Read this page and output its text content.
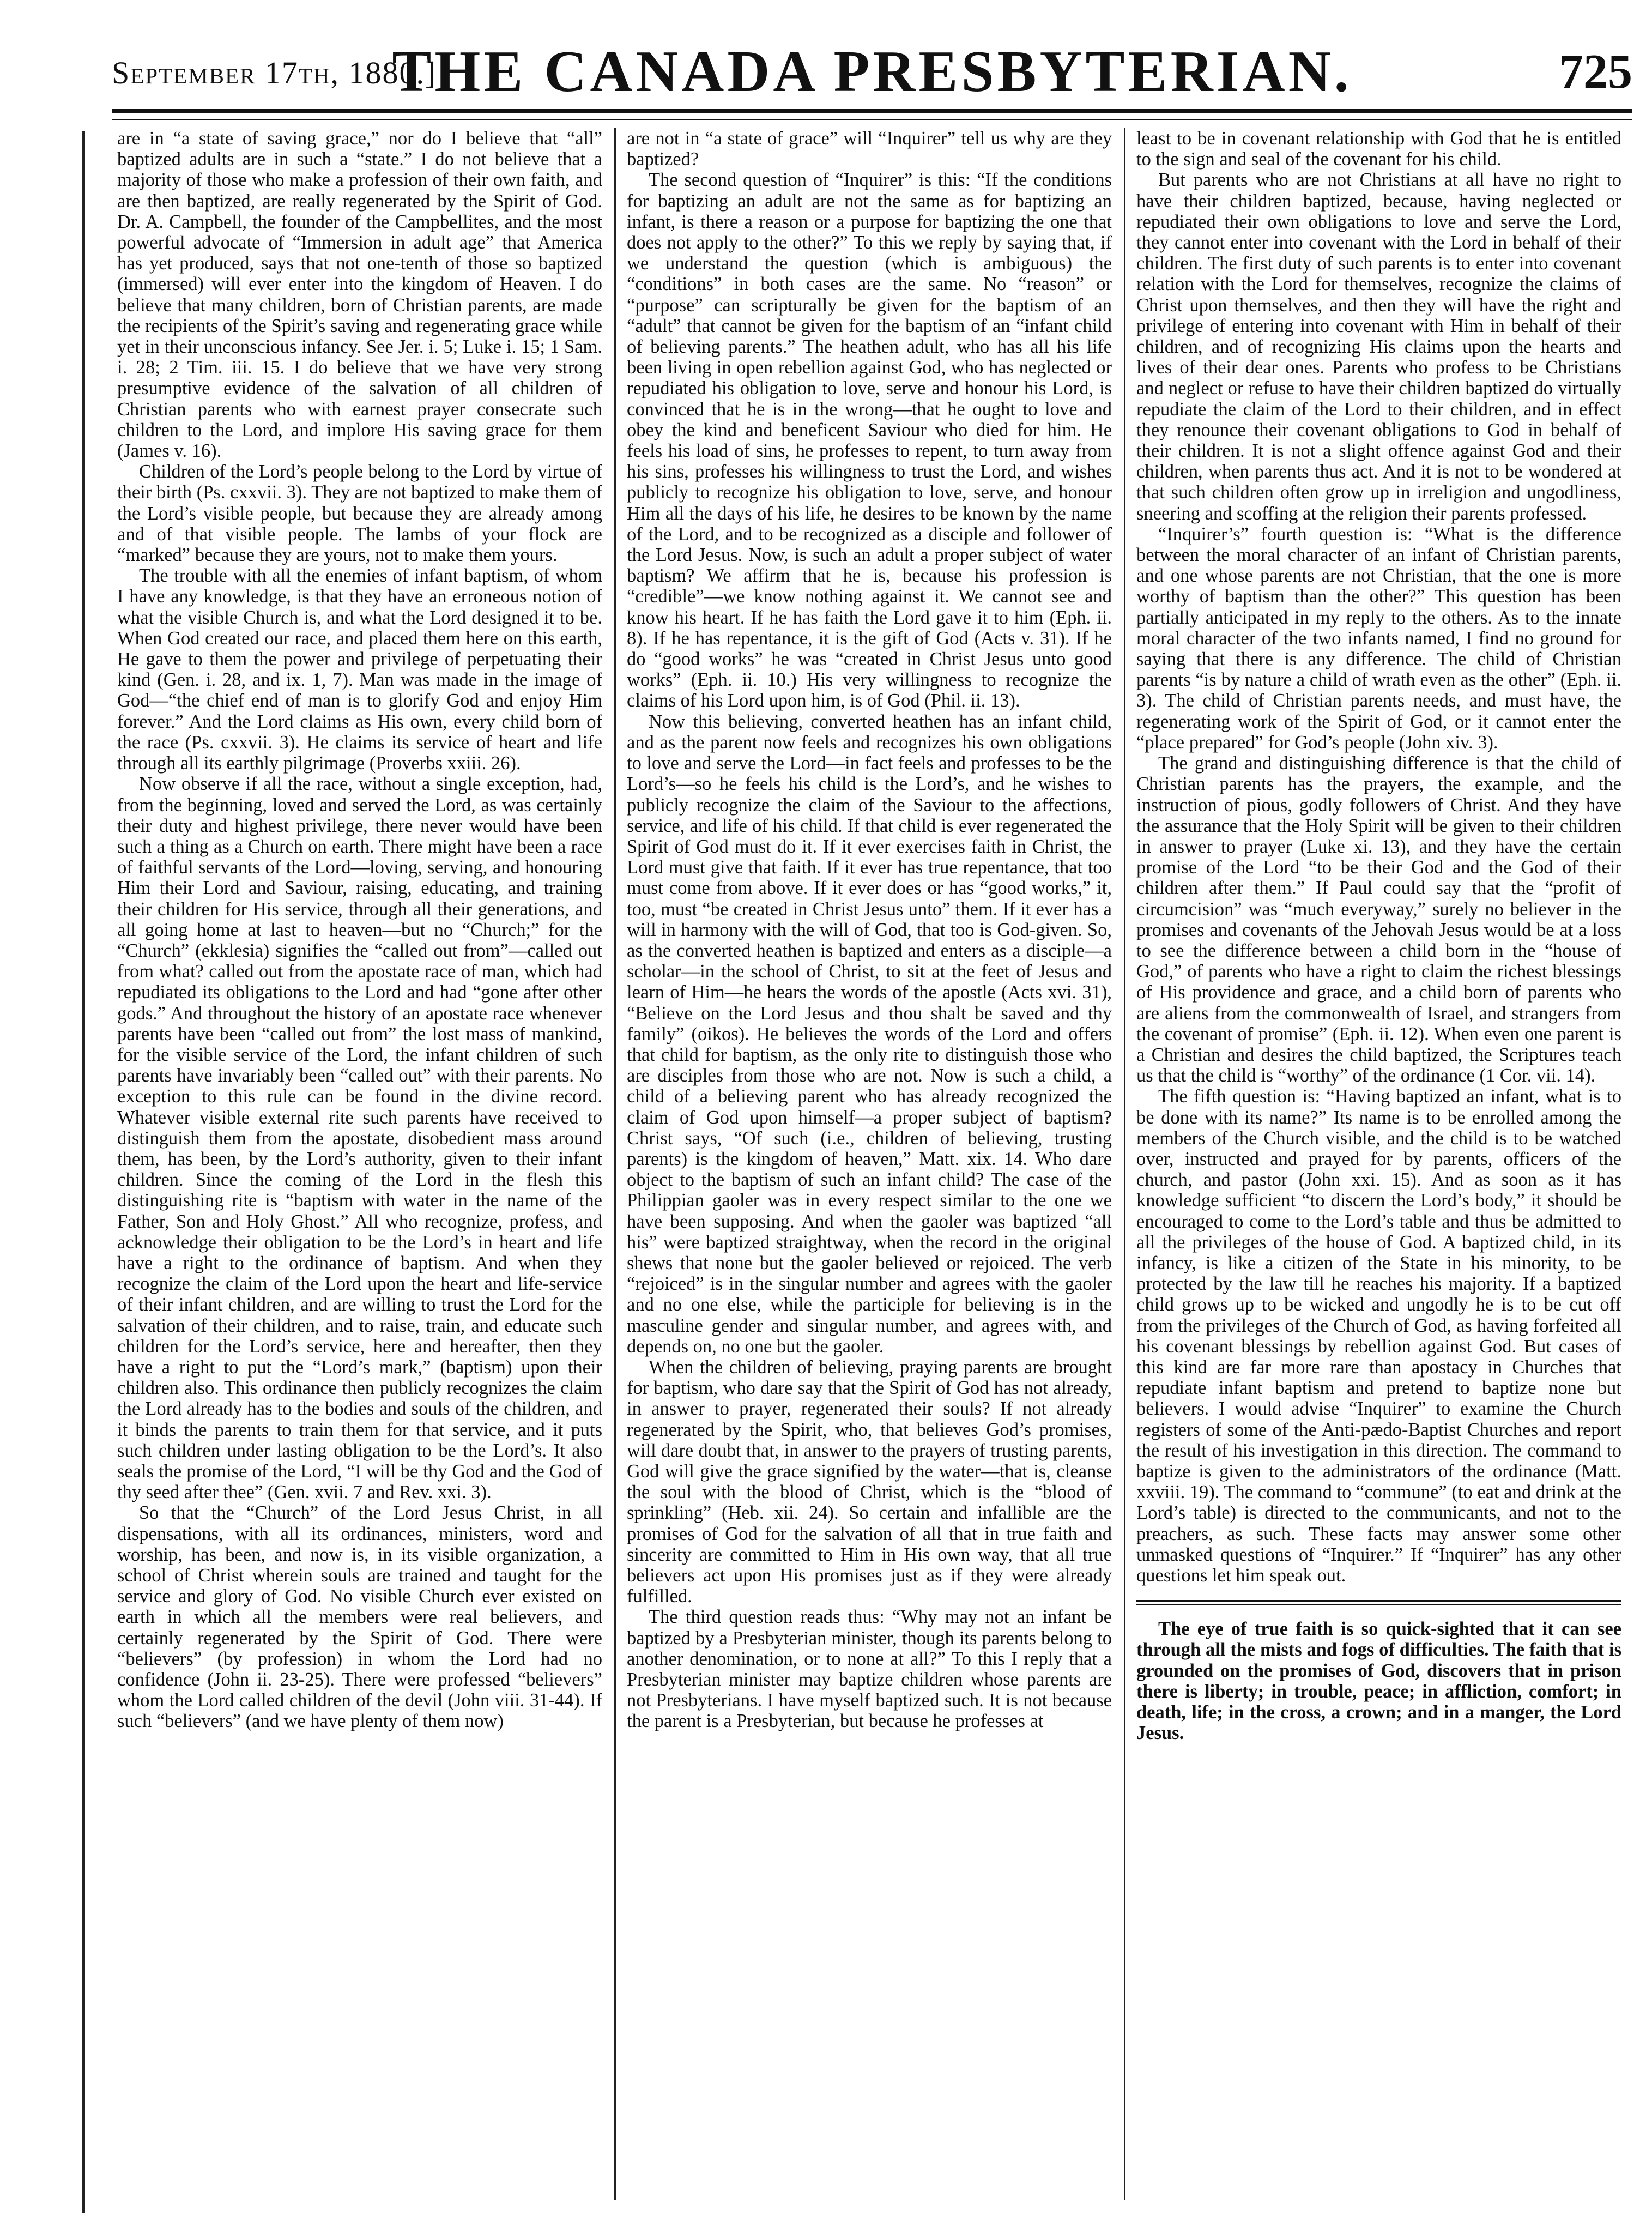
September 17th, 1880.]
THE CANADA PRESBYTERIAN.	725

are in “a state of saving grace,” nor do I believe that “all” baptized adults are in such a “state.” I do not believe that a majority of those who make a profession of their own faith, and are then baptized, are really regenerated by the Spirit of God. Dr. A. Campbell, the founder of the Campbellites, and the most powerful advocate of “Immersion in adult age” that America has yet produced, says that not one-tenth of those so baptized (immersed) will ever enter into the kingdom of Heaven. I do believe that many children, born of Christian parents, are made the recipients of the Spirit’s saving and regenerating grace while yet in their unconscious infancy. See Jer. i. 5; Luke i. 15; 1 Sam. i. 28; 2 Tim. iii. 15. I do believe that we have very strong presumptive evidence of the salvation of all children of Christian parents who with earnest prayer consecrate such children to the Lord, and implore His saving grace for them (James v. 16).

Children of the Lord’s people belong to the Lord by virtue of their birth (Ps. cxxvii. 3). They are not baptized to make them of the Lord’s visible people, but because they are already among and of that visible people. The lambs of your flock are “marked” because they are yours, not to make them yours.

The trouble with all the enemies of infant baptism, of whom I have any knowledge, is that they have an erroneous notion of what the visible Church is, and what the Lord designed it to be. When God created our race, and placed them here on this earth, He gave to them the power and privilege of perpetuating their kind (Gen. i. 28, and ix. 1, 7). Man was made in the image of God—“the chief end of man is to glorify God and enjoy Him forever.” And the Lord claims as His own, every child born of the race (Ps. cxxvii. 3). He claims its service of heart and life through all its earthly pilgrimage (Proverbs xxiii. 26).

Now observe if all the race, without a single exception, had, from the beginning, loved and served the Lord, as was certainly their duty and highest privilege, there never would have been such a thing as a Church on earth. There might have been a race of faithful servants of the Lord—loving, serving, and honouring Him their Lord and Saviour, raising, educating, and training their children for His service, through all their generations, and all going home at last to heaven—but no “Church;” for the “Church” (ekklesia) signifies the “called out from”—called out from what? called out from the apostate race of man, which had repudiated its obligations to the Lord and had “gone after other gods.” And throughout the history of an apostate race whenever parents have been “called out from” the lost mass of mankind, for the visible service of the Lord, the infant children of such parents have invariably been “called out” with their parents. No exception to this rule can be found in the divine record. Whatever visible external rite such parents have received to distinguish them from the apostate, disobedient mass around them, has been, by the Lord’s authority, given to their infant children. Since the coming of the Lord in the flesh this distinguishing rite is “baptism with water in the name of the Father, Son and Holy Ghost.” All who recognize, profess, and acknowledge their obligation to be the Lord’s in heart and life have a right to the ordinance of baptism. And when they recognize the claim of the Lord upon the heart and life-service of their infant children, and are willing to trust the Lord for the salvation of their children, and to raise, train, and educate such children for the Lord’s service, here and hereafter, then they have a right to put the “Lord’s mark,” (baptism) upon their children also. This ordinance then publicly recognizes the claim the Lord already has to the bodies and souls of the children, and it binds the parents to train them for that service, and it puts such children under lasting obligation to be the Lord’s. It also seals the promise of the Lord, “I will be thy God and the God of thy seed after thee” (Gen. xvii. 7 and Rev. xxi. 3).

So that the “Church” of the Lord Jesus Christ, in all dispensations, with all its ordinances, ministers, word and worship, has been, and now is, in its visible organization, a school of Christ wherein souls are trained and taught for the service and glory of God. No visible Church ever existed on earth in which all the members were real believers, and certainly regenerated by the Spirit of God. There were “believers” (by profession) in whom the Lord had no confidence (John ii. 23-25). There were professed “believers” whom the Lord called children of the devil (John viii. 31-44). If such “believers” (and we have plenty of them now)

are not in “a state of grace” will “Inquirer” tell us why are they baptized?

The second question of “Inquirer” is this: “If the conditions for baptizing an adult are not the same as for baptizing an infant, is there a reason or a purpose for baptizing the one that does not apply to the other?” To this we reply by saying that, if we understand the question (which is ambiguous) the “conditions” in both cases are the same. No “reason” or “purpose” can scripturally be given for the baptism of an “adult” that cannot be given for the baptism of an “infant child of believing parents.” The heathen adult, who has all his life been living in open rebellion against God, who has neglected or repudiated his obligation to love, serve and honour his Lord, is convinced that he is in the wrong—that he ought to love and obey the kind and beneficent Saviour who died for him. He feels his load of sins, he professes to repent, to turn away from his sins, professes his willingness to trust the Lord, and wishes publicly to recognize his obligation to love, serve, and honour Him all the days of his life, he desires to be known by the name of the Lord, and to be recognized as a disciple and follower of the Lord Jesus. Now, is such an adult a proper subject of water baptism? We affirm that he is, because his profession is “credible”—we know nothing against it. We cannot see and know his heart. If he has faith the Lord gave it to him (Eph. ii. 8). If he has repentance, it is the gift of God (Acts v. 31). If he do “good works” he was “created in Christ Jesus unto good works” (Eph. ii. 10.) His very willingness to recognize the claims of his Lord upon him, is of God (Phil. ii. 13).

Now this believing, converted heathen has an infant child, and as the parent now feels and recognizes his own obligations to love and serve the Lord—in fact feels and professes to be the Lord’s—so he feels his child is the Lord’s, and he wishes to publicly recognize the claim of the Saviour to the affections, service, and life of his child. If that child is ever regenerated the Spirit of God must do it. If it ever exercises faith in Christ, the Lord must give that faith. If it ever has true repentance, that too must come from above. If it ever does or has “good works,” it, too, must “be created in Christ Jesus unto” them. If it ever has a will in harmony with the will of God, that too is God-given. So, as the converted heathen is baptized and enters as a disciple—a scholar—in the school of Christ, to sit at the feet of Jesus and learn of Him—he hears the words of the apostle (Acts xvi. 31), “Believe on the Lord Jesus and thou shalt be saved and thy family” (oikos). He believes the words of the Lord and offers that child for baptism, as the only rite to distinguish those who are disciples from those who are not. Now is such a child, a child of a believing parent who has already recognized the claim of God upon himself—a proper subject of baptism? Christ says, “Of such (i.e., children of believing, trusting parents) is the kingdom of heaven,” Matt. xix. 14. Who dare object to the baptism of such an infant child? The case of the Philippian gaoler was in every respect similar to the one we have been supposing. And when the gaoler was baptized “all his” were baptized straightway, when the record in the original shews that none but the gaoler believed or rejoiced. The verb “rejoiced” is in the singular number and agrees with the gaoler and no one else, while the participle for believing is in the masculine gender and singular number, and agrees with, and depends on, no one but the gaoler.

When the children of believing, praying parents are brought for baptism, who dare say that the Spirit of God has not already, in answer to prayer, regenerated their souls? If not already regenerated by the Spirit, who, that believes God’s promises, will dare doubt that, in answer to the prayers of trusting parents, God will give the grace signified by the water—that is, cleanse the soul with the blood of Christ, which is the “blood of sprinkling” (Heb. xii. 24). So certain and infallible are the promises of God for the salvation of all that in true faith and sincerity are committed to Him in His own way, that all true believers act upon His promises just as if they were already fulfilled.

The third question reads thus: “Why may not an infant be baptized by a Presbyterian minister, though its parents belong to another denomination, or to none at all?” To this I reply that a Presbyterian minister may baptize children whose parents are not Presbyterians. I have myself baptized such. It is not because the parent is a Presbyterian, but because he professes at

least to be in covenant relationship with God that he is entitled to the sign and seal of the covenant for his child.

But parents who are not Christians at all have no right to have their children baptized, because, having neglected or repudiated their own obligations to love and serve the Lord, they cannot enter into covenant with the Lord in behalf of their children. The first duty of such parents is to enter into covenant relation with the Lord for themselves, recognize the claims of Christ upon themselves, and then they will have the right and privilege of entering into covenant with Him in behalf of their children, and of recognizing His claims upon the hearts and lives of their dear ones. Parents who profess to be Christians and neglect or refuse to have their children baptized do virtually repudiate the claim of the Lord to their children, and in effect they renounce their covenant obligations to God in behalf of their children. It is not a slight offence against God and their children, when parents thus act. And it is not to be wondered at that such children often grow up in irreligion and ungodliness, sneering and scoffing at the religion their parents professed.

“Inquirer’s” fourth question is: “What is the difference between the moral character of an infant of Christian parents, and one whose parents are not Christian, that the one is more worthy of baptism than the other?” This question has been partially anticipated in my reply to the others. As to the innate moral character of the two infants named, I find no ground for saying that there is any difference. The child of Christian parents “is by nature a child of wrath even as the other” (Eph. ii. 3). The child of Christian parents needs, and must have, the regenerating work of the Spirit of God, or it cannot enter the “place prepared” for God’s people (John xiv. 3).

The grand and distinguishing difference is that the child of Christian parents has the prayers, the example, and the instruction of pious, godly followers of Christ. And they have the assurance that the Holy Spirit will be given to their children in answer to prayer (Luke xi. 13), and they have the certain promise of the Lord “to be their God and the God of their children after them.” If Paul could say that the “profit of circumcision” was “much everyway,” surely no believer in the promises and covenants of the Jehovah Jesus would be at a loss to see the difference between a child born in the “house of God,” of parents who have a right to claim the richest blessings of His providence and grace, and a child born of parents who are aliens from the commonwealth of Israel, and strangers from the covenant of promise” (Eph. ii. 12). When even one parent is a Christian and desires the child baptized, the Scriptures teach us that the child is “worthy” of the ordinance (1 Cor. vii. 14).

The fifth question is: “Having baptized an infant, what is to be done with its name?” Its name is to be enrolled among the members of the Church visible, and the child is to be watched over, instructed and prayed for by parents, officers of the church, and pastor (John xxi. 15). And as soon as it has knowledge sufficient “to discern the Lord’s body,” it should be encouraged to come to the Lord’s table and thus be admitted to all the privileges of the house of God. A baptized child, in its infancy, is like a citizen of the State in his minority, to be protected by the law till he reaches his majority. If a baptized child grows up to be wicked and ungodly he is to be cut off from the privileges of the Church of God, as having forfeited all his covenant blessings by rebellion against God. But cases of this kind are far more rare than apostacy in Churches that repudiate infant baptism and pretend to baptize none but believers. I would advise “Inquirer” to examine the Church registers of some of the Anti-pædo-Baptist Churches and report the result of his investigation in this direction. The command to baptize is given to the administrators of the ordinance (Matt. xxviii. 19). The command to “commune” (to eat and drink at the Lord’s table) is directed to the communicants, and not to the preachers, as such. These facts may answer some other unmasked questions of “Inquirer.” If “Inquirer” has any other questions let him speak out.

The eye of true faith is so quick-sighted that it can see through all the mists and fogs of difficulties. The faith that is grounded on the promises of God, discovers that in prison there is liberty; in trouble, peace; in affliction, comfort; in death, life; in the cross, a crown; and in a manger, the Lord Jesus.
